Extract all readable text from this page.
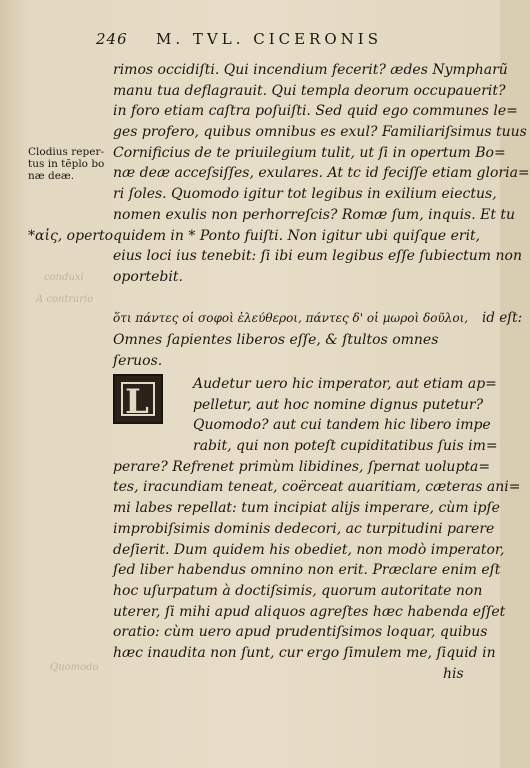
246 M. TVL. CICERONIS
Clodius reper-
tus in tẽplo bo
næ deæ.
*αἰς, operto
conduxi
A contrario
Quomodo
rimos occidiſti. Qui incendium fecerit? ædes Nympharũ
manu tua deflagrauit. Qui templa deorum occupauerit?
in foro etiam caſtra poſuiſti. Sed quid ego communes le=
ges profero, quibus omnibus es exul? Familiariſsimus tuus
Cornificius de te priuilegium tulit, ut ſi in opertum Bo=
næ deæ acceſsiſſes, exulares. At tc id feciſſe etiam gloria=
ri ſoles. Quomodo igitur tot legibus in exilium eiectus,
nomen exulis non perhorreſcis? Romæ ſum, inquis. Et tu
quidem in * Ponto fuiſti. Non igitur ubi quiſque erit,
eius loci ius tenebit: ſi ibi eum legibus eſſe ſubiectum non
oportebit.
ὅτι πάντες οἱ σοφοὶ ἐλεύθεροι, πάντες δ' οἱ μωροὶ δοῦλοι, id eſt:
Omnes ſapientes liberos eſſe, & ſtultos omnes ſeruos.
L	Audetur uero hic imperator, aut etiam ap=
pelletur, aut hoc nomine dignus putetur?
Quomodo? aut cui tandem hic libero impe
rabit, qui non poteſt cupiditatibus ſuis im=
perare? Refrenet primùm libidines, ſpernat uolupta=
tes, iracundiam teneat, coërceat auaritiam, cæteras ani=
mi labes repellat: tum incipiat alijs imperare, cùm ipſe
improbiſsimis dominis dedecori, ac turpitudini parere
deſierit. Dum quidem his obediet, non modò imperator,
ſed liber habendus omnino non erit. Præclare enim eſt
hoc uſurpatum à doctiſsimis, quorum autoritate non
uterer, ſi mihi apud aliquos agreſtes hæc habenda eſſet
oratio: cùm uero apud prudentiſsimos loquar, quibus
hæc inaudita non ſunt, cur ergo ſimulem me, ſiquid in
his
